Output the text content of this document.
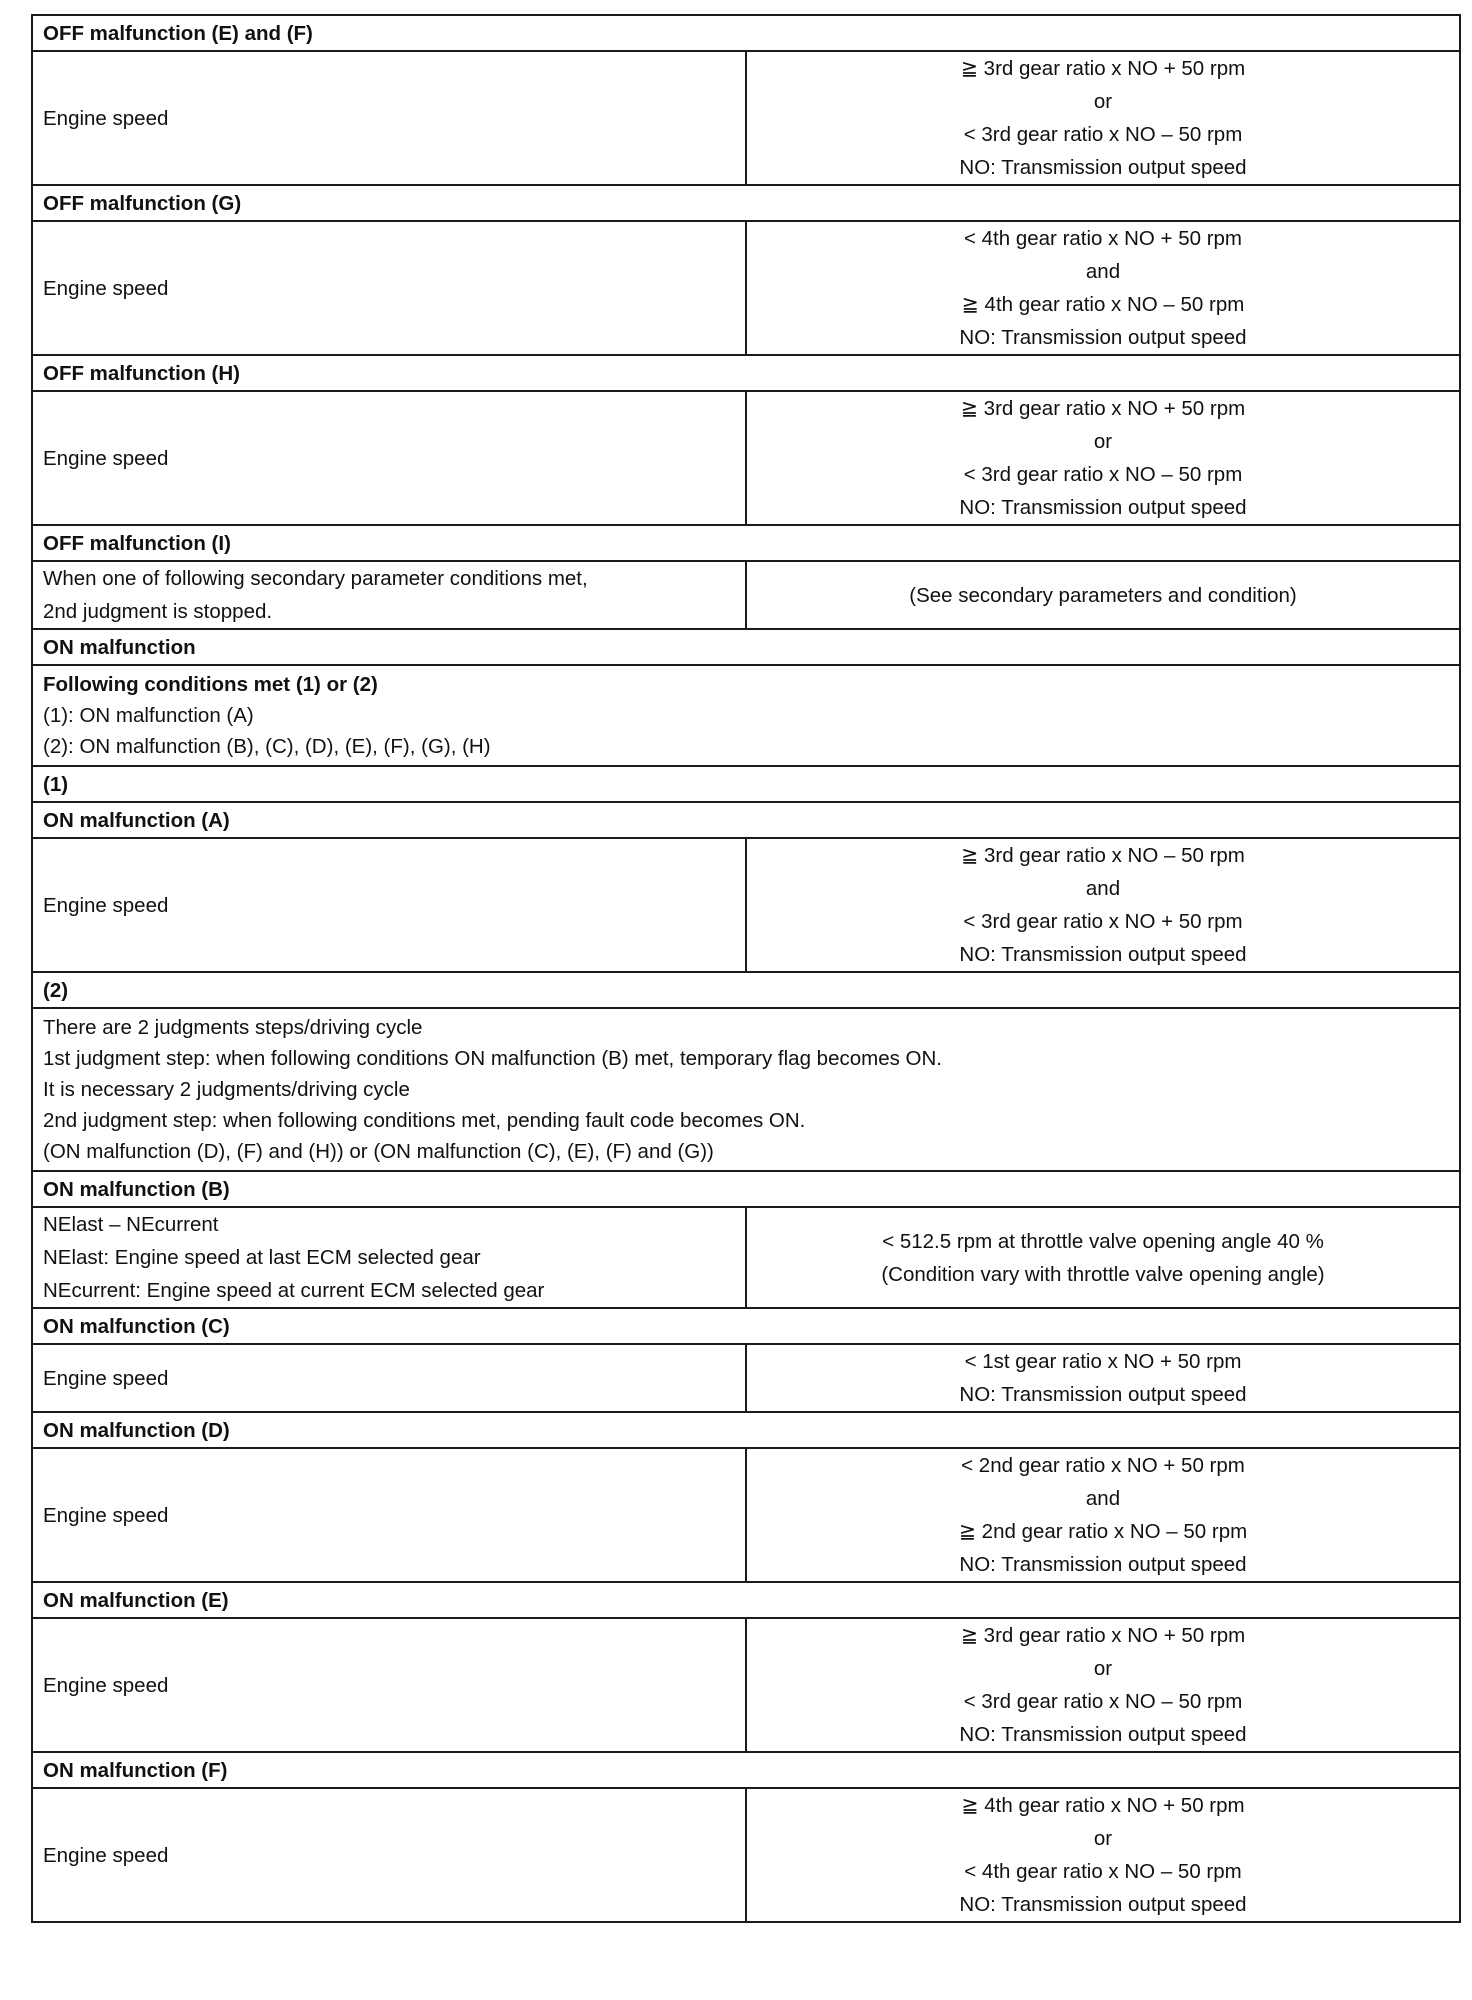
OFF malfunction (E) and (F)	

Engine speed	≧ 3rd gear ratio x NO + 50 rpm
or
< 3rd gear ratio x NO – 50 rpm
NO: Transmission output speed

OFF malfunction (G)	

Engine speed	< 4th gear ratio x NO + 50 rpm
and
≧ 4th gear ratio x NO – 50 rpm
NO: Transmission output speed

OFF malfunction (H)	

Engine speed	≧ 3rd gear ratio x NO + 50 rpm
or
< 3rd gear ratio x NO – 50 rpm
NO: Transmission output speed

OFF malfunction (I)	

When one of following secondary parameter conditions met,
2nd judgment is stopped.	(See secondary parameters and condition)

ON malfunction	

Following conditions met (1) or (2)
(1): ON malfunction (A)
(2): ON malfunction (B), (C), (D), (E), (F), (G), (H)	

(1)	
ON malfunction (A)	

Engine speed	≧ 3rd gear ratio x NO – 50 rpm
and
< 3rd gear ratio x NO + 50 rpm
NO: Transmission output speed

(2)	

There are 2 judgments steps/driving cycle
1st judgment step: when following conditions ON malfunction (B) met, temporary flag becomes ON.
It is necessary 2 judgments/driving cycle
2nd judgment step: when following conditions met, pending fault code becomes ON.
(ON malfunction (D), (F) and (H)) or (ON malfunction (C), (E), (F) and (G))	

ON malfunction (B)	

NElast – NEcurrent
NElast: Engine speed at last ECM selected gear
NEcurrent: Engine speed at current ECM selected gear	< 512.5 rpm at throttle valve opening angle 40 %
(Condition vary with throttle valve opening angle)

ON malfunction (C)	

Engine speed	< 1st gear ratio x NO + 50 rpm
NO: Transmission output speed

ON malfunction (D)	

Engine speed	< 2nd gear ratio x NO + 50 rpm
and
≧ 2nd gear ratio x NO – 50 rpm
NO: Transmission output speed

ON malfunction (E)	

Engine speed	≧ 3rd gear ratio x NO + 50 rpm
or
< 3rd gear ratio x NO – 50 rpm
NO: Transmission output speed

ON malfunction (F)	

Engine speed	≧ 4th gear ratio x NO + 50 rpm
or
< 4th gear ratio x NO – 50 rpm
NO: Transmission output speed
